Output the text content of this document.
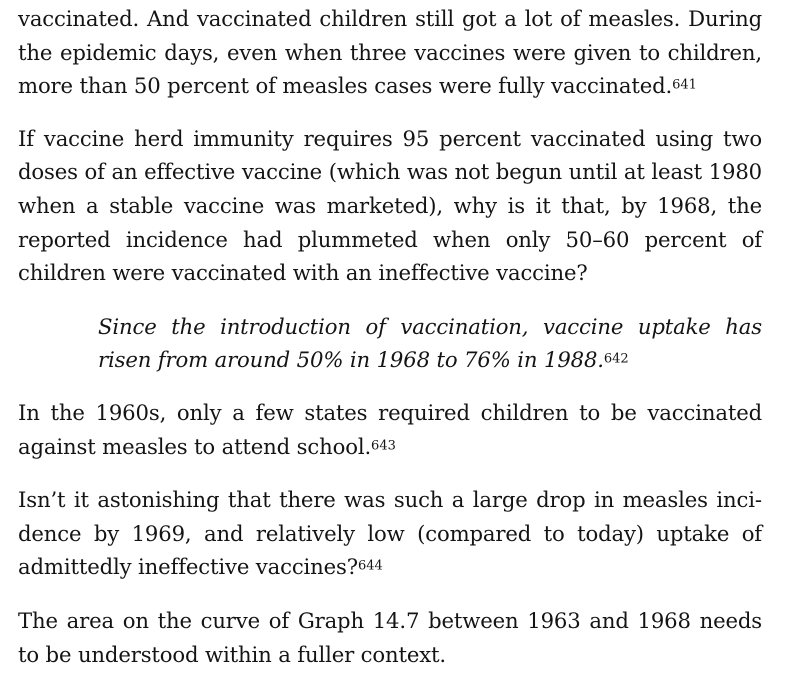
vaccinated. And vaccinated children still got a lot of measles. During the epidemic days, even when three vaccines were given to children, more than 50 percent of measles cases were fully vaccinated.$^{641}$

If vaccine herd immunity requires 95 percent vaccinated using two doses of an effective vaccine (which was not begun until at least 1980 when a stable vaccine was marketed), why is it that, by 1968, the reported incidence had plummeted when only 50–60 percent of children were vaccinated with an ineffective vaccine?

Since the introduction of vaccination, vaccine uptake has risen from around 50% in 1968 to 76% in 1988.$^{642}$

In the 1960s, only a few states required children to be vaccinated against measles to attend school.$^{643}$

Isn’t it astonishing that there was such a large drop in measles incidence by 1969, and relatively low (compared to today) uptake of admittedly ineffective vaccines?$^{644}$

The area on the curve of Graph 14.7 between 1963 and 1968 needs to be understood within a fuller context.
